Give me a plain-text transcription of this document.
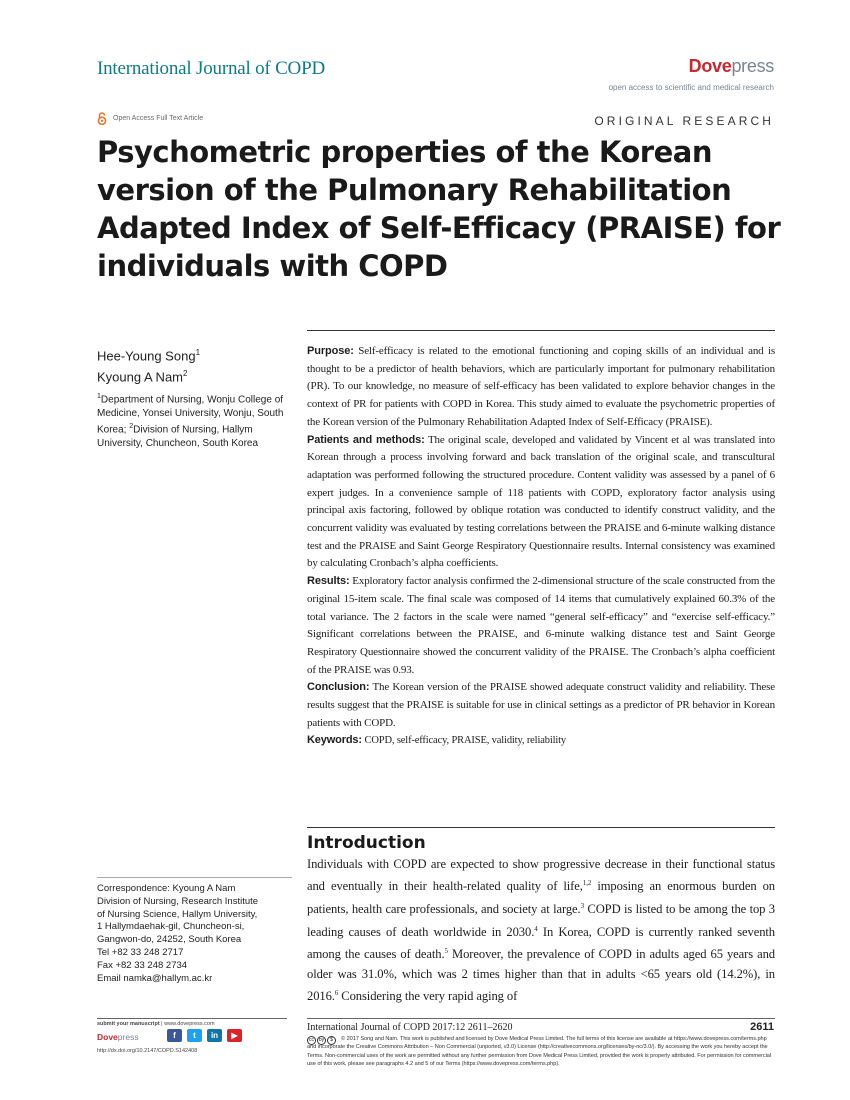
International Journal of COPD	Dovepress
open access to scientific and medical research
Open Access Full Text Article	ORIGINAL RESEARCH
Psychometric properties of the Korean version of the Pulmonary Rehabilitation Adapted Index of Self-Efficacy (PRAISE) for individuals with COPD
Hee-Young Song$^1$
Kyoung A Nam$^2$
$^1$Department of Nursing, Wonju College of Medicine, Yonsei University, Wonju, South Korea; $^2$Division of Nursing, Hallym University, Chuncheon, South Korea

Purpose: Self-efficacy is related to the emotional functioning and coping skills of an individual and is thought to be a predictor of health behaviors, which are particularly important for pulmonary rehabilitation (PR). To our knowledge, no measure of self-efficacy has been validated to explore behavior changes in the context of PR for patients with COPD in Korea. This study aimed to evaluate the psychometric properties of the Korean version of the Pulmonary Rehabilitation Adapted Index of Self-Efficacy (PRAISE).

Patients and methods: The original scale, developed and validated by Vincent et al was translated into Korean through a process involving forward and back translation of the original scale, and transcultural adaptation was performed following the structured procedure. Content validity was assessed by a panel of 6 expert judges. In a convenience sample of 118 patients with COPD, exploratory factor analysis using principal axis factoring, followed by oblique rotation was conducted to identify construct validity, and the concurrent validity was evaluated by testing correlations between the PRAISE and 6-minute walking distance test and the PRAISE and Saint George Respiratory Questionnaire results. Internal consistency was examined by calculating Cronbach’s alpha coefficients.

Results: Exploratory factor analysis confirmed the 2-dimensional structure of the scale constructed from the original 15-item scale. The final scale was composed of 14 items that cumulatively explained 60.3% of the total variance. The 2 factors in the scale were named “general self-efficacy” and “exercise self-efficacy.” Significant correlations between the PRAISE, and 6-minute walking distance test and Saint George Respiratory Questionnaire showed the concurrent validity of the PRAISE. The Cronbach’s alpha coefficient of the PRAISE was 0.93.

Conclusion: The Korean version of the PRAISE showed adequate construct validity and reliability. These results suggest that the PRAISE is suitable for use in clinical settings as a predictor of PR behavior in Korean patients with COPD.

Keywords: COPD, self-efficacy, PRAISE, validity, reliability

Introduction
Individuals with COPD are expected to show progressive decrease in their functional status and eventually in their health-related quality of life,$^{1,2}$ imposing an enormous burden on patients, health care professionals, and society at large.$^3$ COPD is listed to be among the top 3 leading causes of death worldwide in 2030.$^4$ In Korea, COPD is currently ranked seventh among the causes of death.$^5$ Moreover, the prevalence of COPD in adults aged 65 years and older was 31.0%, which was 2 times higher than that in adults <65 years old (14.2%), in 2016.$^6$ Considering the very rapid aging of
Correspondence: Kyoung A Nam
Division of Nursing, Research Institute
of Nursing Science, Hallym University,
1 Hallymdaehak-gil, Chuncheon-si,
Gangwon-do, 24252, South Korea
Tel +82 33 248 2717
Fax +82 33 248 2734
Email namka@hallym.ac.kr
submit your manuscript | www.dovepress.com
Dovepress	f	t	in	▶
http://dx.doi.org/10.2147/COPD.S142408
International Journal of COPD 2017:12 2611–2620	2611
cc by	$	© 2017 Song and Nam. This work is published and licensed by Dove Medical Press Limited. The full terms of this license are available at https://www.dovepress.com/terms.php and incorporate the Creative Commons Attribution – Non Commercial (unported, v3.0) License (http://creativecommons.org/licenses/by-nc/3.0/). By accessing the work you hereby accept the Terms. Non-commercial uses of the work are permitted without any further permission from Dove Medical Press Limited, provided the work is properly attributed. For permission for commercial use of this work, please see paragraphs 4.2 and 5 of our Terms (https://www.dovepress.com/terms.php).
